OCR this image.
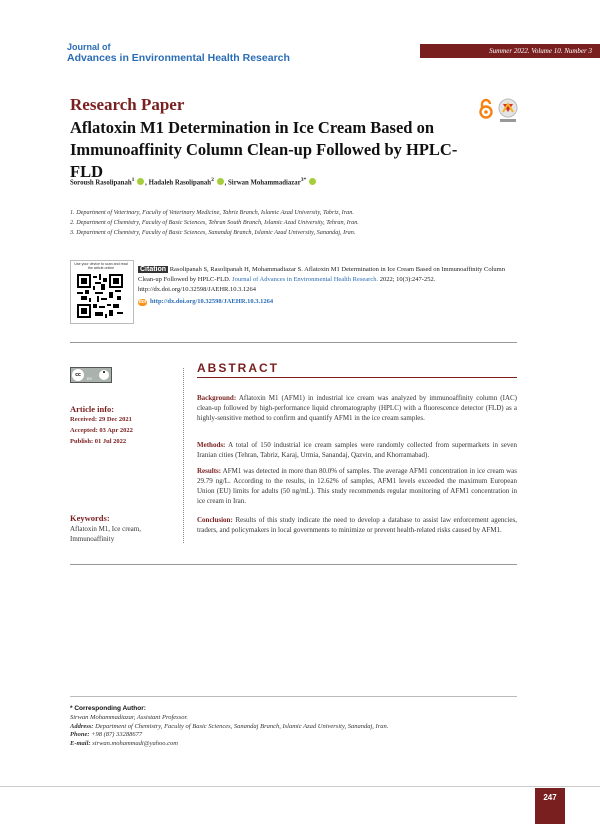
Journal of
Advances in Environmental Health Research
Summer 2022. Volume 10. Number 3
Research Paper
Aflatoxin M1 Determination in Ice Cream Based on Immunoaffinity Column Clean-up Followed by HPLC-FLD
Soroush Rasolipanah$^1$ , Hadaleh Rasolipanah$^2$ , Sirwan Mohammadiazar$^{3*}$
1. Department of Veterinary, Faculty of Veterinary Medicine, Tabriz Branch, Islamic Azad University, Tabriz, Iran.
2. Department of Chemistry, Faculty of Basic Sciences, Tehran South Branch, Islamic Azad University, Tehran, Iran.
3. Department of Chemistry, Faculty of Basic Sciences, Sanandaj Branch, Islamic Azad University, Sanandaj, Iran.
Use your device to scan and read the article online	Citation Rasolipanah S, Rasolipanah H, Mohammadiazar S. Aflatoxin M1 Determination in Ice Cream Based on Immunoaffinity Column Clean-up Followed by HPLC-FLD. Journal of Advances in Environmental Health Research. 2022; 10(3):247-252. http://dx.doi.org/10.32598/JAEHR.10.3.1264
doi http://dx.doi.org/10.32598/JAEHR.10.3.1264
cc
BY
Article info:
Received: 29 Dec 2021
Accepted: 03 Apr 2022
Publish: 01 Jul 2022
Keywords:
Aflatoxin M1, Ice cream, Immunoaffinity
ABSTRACT
Background: Aflatoxin M1 (AFM1) in industrial ice cream was analyzed by immunoaffinity column (IAC) clean-up followed by high-performance liquid chromatography (HPLC) with a fluorescence detector (FLD) as a highly-sensitive method to confirm and quantify AFM1 in the ice cream samples.
Methods: A total of 150 industrial ice cream samples were randomly collected from supermarkets in seven Iranian cities (Tehran, Tabriz, Karaj, Urmia, Sanandaj, Qazvin, and Khorramabad).
Results: AFM1 was detected in more than 80.0% of samples. The average AFM1 concentration in ice cream was 29.79 ng/L. According to the results, in 12.62% of samples, AFM1 levels exceeded the maximum European Union (EU) limits for adults (50 ng/mL). This study recommends regular monitoring of AFM1 concentration in ice cream in Iran.
Conclusion: Results of this study indicate the need to develop a database to assist law enforcement agencies, traders, and policymakers in local governments to minimize or prevent health-related risks caused by AFM1.
* Corresponding Author:
Sirwan Mohammadiazar, Assistant Professor.
Address: Department of Chemistry, Faculty of Basic Sciences, Sanandaj Branch, Islamic Azad University, Sanandaj, Iran.
Phone: +98 (87) 33288677
E-mail: sirwan.mohammadi@yahoo.com
247
